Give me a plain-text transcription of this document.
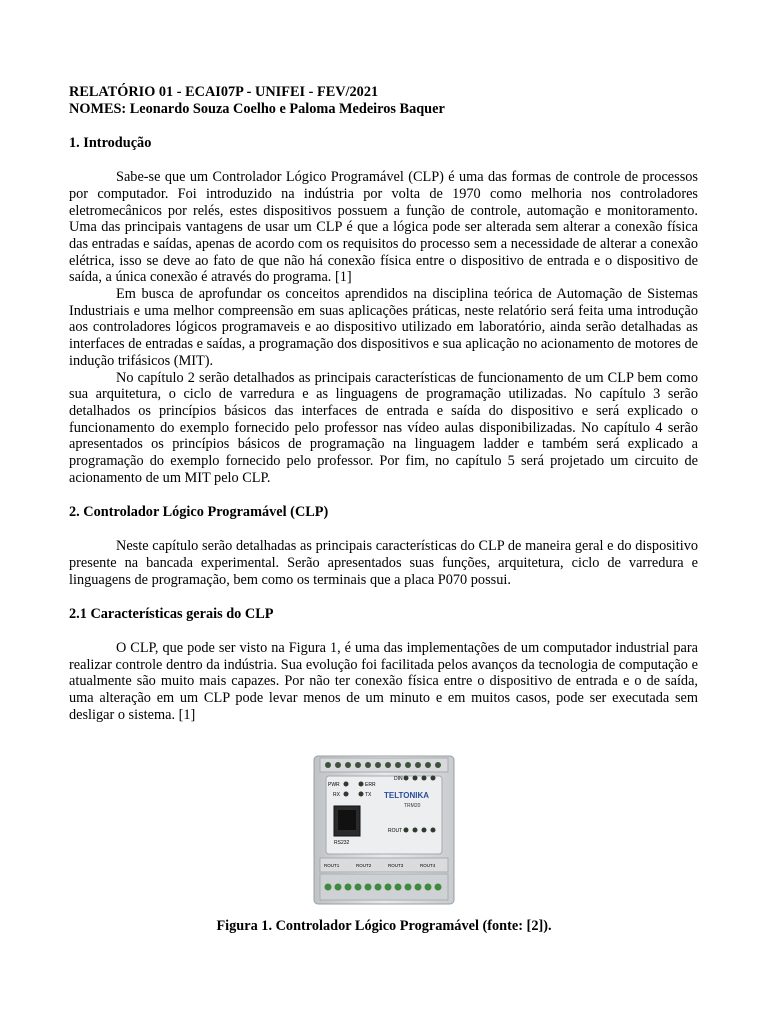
RELATÓRIO 01 - ECAI07P - UNIFEI - FEV/2021
NOMES: Leonardo Souza Coelho e Paloma Medeiros Baquer
1. Introdução

Sabe-se que um Controlador Lógico Programável (CLP) é uma das formas de controle de processos por computador. Foi introduzido na indústria por volta de 1970 como melhoria nos controladores eletromecânicos por relés, estes dispositivos possuem a função de controle, automação e monitoramento. Uma das principais vantagens de usar um CLP é que a lógica pode ser alterada sem alterar a conexão física das entradas e saídas, apenas de acordo com os requisitos do processo sem a necessidade de alterar a conexão elétrica, isso se deve ao fato de que não há conexão física entre o dispositivo de entrada e o dispositivo de saída, a única conexão é através do programa. [1]

Em busca de aprofundar os conceitos aprendidos na disciplina teórica de Automação de Sistemas Industriais e uma melhor compreensão em suas aplicações práticas, neste relatório será feita uma introdução aos controladores lógicos programaveis e ao dispositivo utilizado em laboratório, ainda serão detalhadas as interfaces de entradas e saídas, a programação dos dispositivos e sua aplicação no acionamento de motores de indução trifásicos (MIT).

No capítulo 2 serão detalhados as principais características de funcionamento de um CLP bem como sua arquitetura, o ciclo de varredura e as linguagens de programação utilizadas. No capítulo 3 serão detalhados os princípios básicos das interfaces de entrada e saída do dispositivo e será explicado o funcionamento do exemplo fornecido pelo professor nas vídeo aulas disponibilizadas. No capítulo 4 serão apresentados os princípios básicos de programação na linguagem ladder e também será explicado a programação do exemplo fornecido pelo professor. Por fim, no capítulo 5 será projetado um circuito de acionamento de um MIT pelo CLP.

2. Controlador Lógico Programável (CLP)

Neste capítulo serão detalhadas as principais características do CLP de maneira geral e do dispositivo presente na bancada experimental. Serão apresentados suas funções, arquitetura, ciclo de varredura e linguagens de programação, bem como os terminais que a placa P070 possui.

2.1 Características gerais do CLP

O CLP, que pode ser visto na Figura 1, é uma das implementações de um computador industrial para realizar controle dentro da indústria. Sua evolução foi facilitada pelos avanços da tecnologia de computação e atualmente são muito mais capazes. Por não ter conexão física entre o dispositivo de entrada e o de saída, uma alteração em um CLP pode levar menos de um minuto e em muitos casos, pode ser executada sem desligar o sistema. [1]

PWR	ERR
RX	TX
DIN
TELTONIKA
TRM20
RS232
ROUT
ROUT1	ROUT2	ROUT3	ROUT4
Figura 1. Controlador Lógico Programável (fonte: [2]).
